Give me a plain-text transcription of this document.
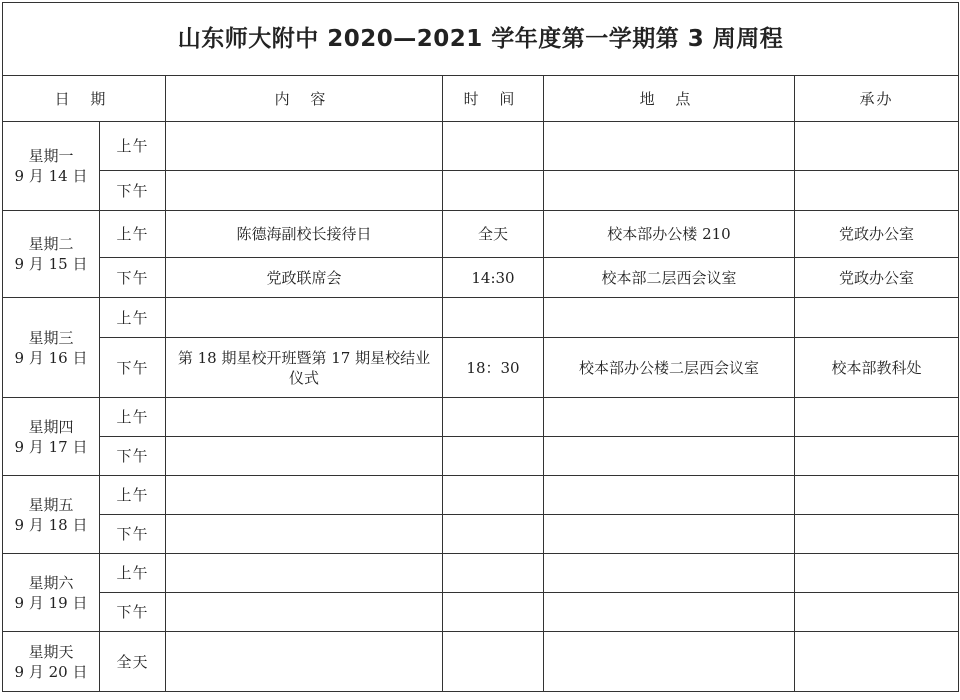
山东师大附中 2020—2021 学年度第一学期第 3 周周程					
日 期		内 容	时 间	地 点	承办

星期一
9 月 14 日	上午				
	下午				

星期二
9 月 15 日	上午	陈德海副校长接待日	全天	校本部办公楼 210	党政办公室
	下午	党政联席会	14:30	校本部二层西会议室	党政办公室

星期三
9 月 16 日	上午				
	下午	第 18 期星校开班暨第 17 期星校结业仪式	18：30	校本部办公楼二层西会议室	校本部教科处

星期四
9 月 17 日	上午				
	下午				

星期五
9 月 18 日	上午				
	下午				

星期六
9 月 19 日	上午				
	下午				

星期天
9 月 20 日	全天				
